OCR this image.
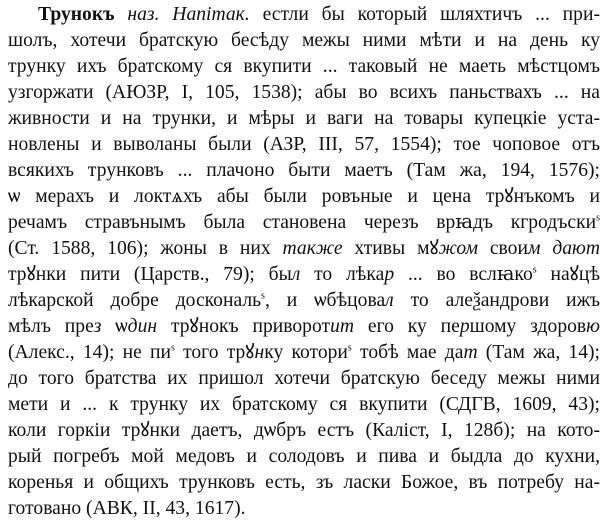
Трунокъ наз. Напiтак. естли бы который шляхтичъ ... при-
шолъ, хотечи братскую бесѣду межы ними мѣти и на день ку
трунку ихъ братскому ся вкупити ... таковый не маеть мѣстцомъ
узгоржати (АЮЗР, І, 105, 1538); абы во всихъ паньствахъ ... на
живности и на трунки, и мѣры и ваги на товары купецкie уста-
новлены и выволаны были (АЗР, III, 57, 1554); тое чоповое отъ
всякихъ трунковъ ... плачоно быти маетъ (Там жа, 194, 1576);
ѡ мерахъ и локтѧхъ абы были ровъные и цена трꙋнъкомъ и
речамъ стравънымъ была становена черезъ врꙗдъ кгродъски$^s$
(Ст. 1588, 106); жоны в них также хтивы мꙋжом своим дают
трꙋнки пити (Царств., 79); был то лѣкар ... во вслꙗко$^s$ наꙋцѣ
лѣкарской добре доскональ$^s$, и ѡбѣцовал то алеѯандрови ижъ
мѣлъ през ѡдин трꙋнокъ приворотит его ку першому здоровю
(Алекс., 14); не $пи^s$ того трꙋнку котори$^s$ тобѣ мае дат (Там жа, 14);
до того братства их пришол хотечи братскую беседу межы ними
мети и ... к трунку их братскому ся вкупити (СДГВ, 1609, 43);
коли горкiи трꙋнки даетъ, дѡбръ естъ (Калiст, I, 128б); на кото-
рый погребъ мой медовъ и солодовъ и пива и быдла до кухни,
коренья и общихъ трунковъ есть, зъ ласки Божое, въ потребу на-
готовано (АВК, II, 43, 1617).
